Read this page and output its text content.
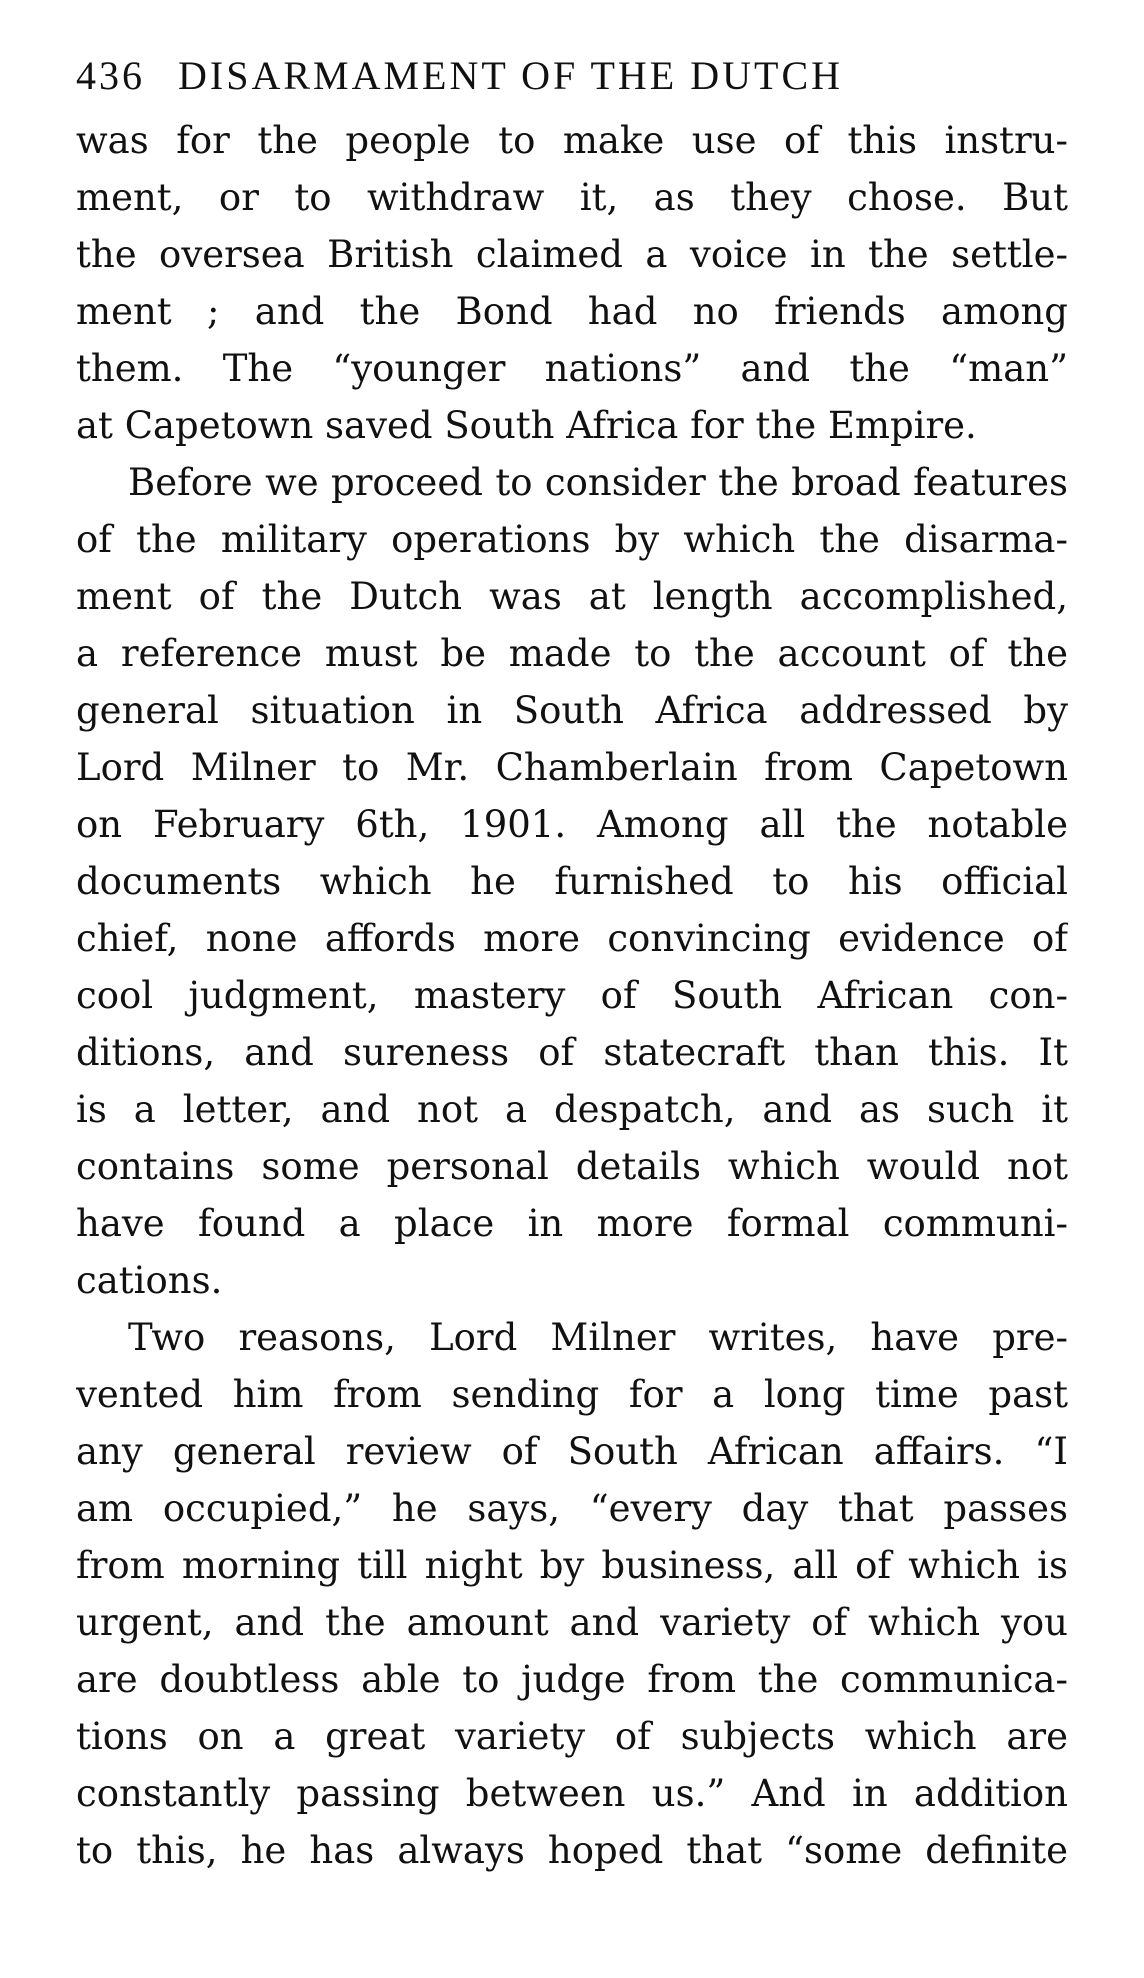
436 DISARMAMENT OF THE DUTCH
was for the people to make use of this instru-
ment, or to withdraw it, as they chose. But
the oversea British claimed a voice in the settle-
ment ; and the Bond had no friends among
them. The “younger nations” and the “man”
at Capetown saved South Africa for the Empire.
Before we proceed to consider the broad features
of the military operations by which the disarma-
ment of the Dutch was at length accomplished,
a reference must be made to the account of the
general situation in South Africa addressed by
Lord Milner to Mr. Chamberlain from Capetown
on February 6th, 1901. Among all the notable
documents which he furnished to his official
chief, none affords more convincing evidence of
cool judgment, mastery of South African con-
ditions, and sureness of statecraft than this. It
is a letter, and not a despatch, and as such it
contains some personal details which would not
have found a place in more formal communi-
cations.
Two reasons, Lord Milner writes, have pre-
vented him from sending for a long time past
any general review of South African affairs. “I
am occupied,” he says, “every day that passes
from morning till night by business, all of which is
urgent, and the amount and variety of which you
are doubtless able to judge from the communica-
tions on a great variety of subjects which are
constantly passing between us.” And in addition
to this, he has always hoped that “some definite
